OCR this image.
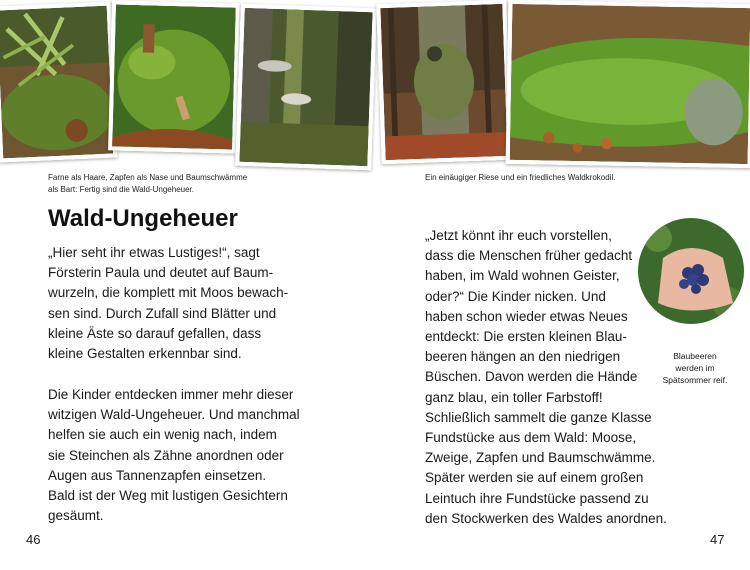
Farne als Haare, Zapfen als Nase und Baumschwämme
als Bart: Fertig sind die Wald-Ungeheuer.
Ein einäugiger Riese und ein friedliches Waldkrokodil.
Wald-Ungeheuer

„Hier seht ihr etwas Lustiges!“, sagt
Försterin Paula und deutet auf Baum-
wurzeln, die komplett mit Moos bewach-
sen sind. Durch Zufall sind Blätter und
kleine Äste so darauf gefallen, dass
kleine Gestalten erkennbar sind.

Die Kinder entdecken immer mehr dieser
witzigen Wald-Ungeheuer. Und manchmal
helfen sie auch ein wenig nach, indem
sie Steinchen als Zähne anordnen oder
Augen aus Tannenzapfen einsetzen.
Bald ist der Weg mit lustigen Gesichtern
gesäumt.

„Jetzt könnt ihr euch vorstellen,
dass die Menschen früher gedacht
haben, im Wald wohnen Geister,
oder?“ Die Kinder nicken. Und
haben schon wieder etwas Neues
entdeckt: Die ersten kleinen Blau-
beeren hängen an den niedrigen
Büschen. Davon werden die Hände
ganz blau, ein toller Farbstoff!
Schließlich sammelt die ganze Klasse
Fundstücke aus dem Wald: Moose,
Zweige, Zapfen und Baumschwämme.
Später werden sie auf einem großen
Leintuch ihre Fundstücke passend zu
den Stockwerken des Waldes anordnen.

Blaubeeren
werden im
Spätsommer reif.
46	47
